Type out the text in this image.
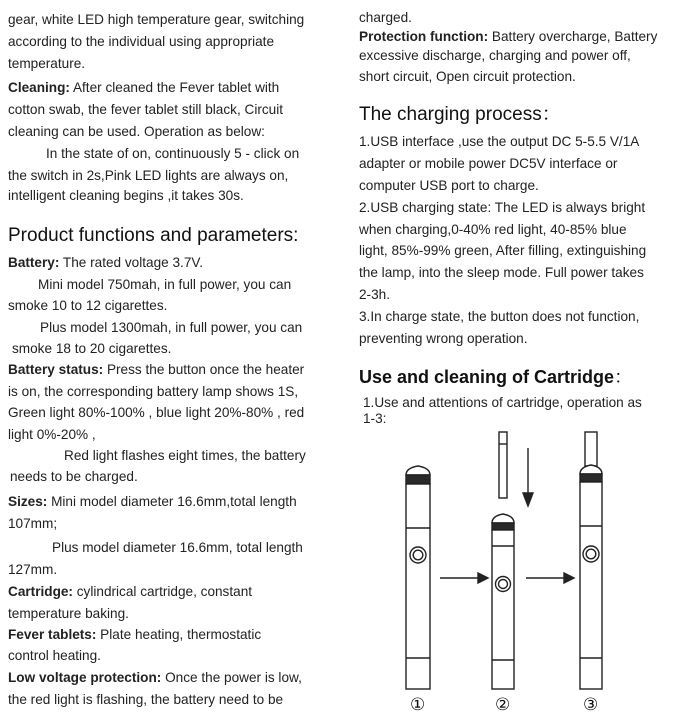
gear, white LED high temperature gear, switching
according to the individual using appropriate
temperature.
Cleaning: After cleaned the Fever tablet with
cotton swab, the fever tablet still black, Circuit
cleaning can be used. Operation as below:
In the state of on, continuously 5 - click on
the switch in 2s,Pink LED lights are always on,
intelligent cleaning begins ,it takes 30s.
Product functions and parameters:
Battery: The rated voltage 3.7V.
Mini model 750mah, in full power, you can
smoke 10 to 12 cigarettes.
Plus model 1300mah, in full power, you can
smoke 18 to 20 cigarettes.
Battery status: Press the button once the heater
is on, the corresponding battery lamp shows 1S,
Green light 80%-100% , blue light 20%-80% , red
light 0%-20% ,
Red light flashes eight times, the battery
needs to be charged.
Sizes: Mini model diameter 16.6mm,total length
107mm;
Plus model diameter 16.6mm, total length
127mm.
Cartridge: cylindrical cartridge, constant
temperature baking.
Fever tablets: Plate heating, thermostatic
control heating.
Low voltage protection: Once the power is low,
the red light is flashing, the battery need to be
charged.
Protection function: Battery overcharge, Battery
excessive discharge, charging and power off,
short circuit, Open circuit protection.
The charging process：
1.USB interface ,use the output DC 5-5.5 V/1A
adapter or mobile power DC5V interface or
computer USB port to charge.
2.USB charging state: The LED is always bright
when charging,0-40% red light, 40-85% blue
light, 85%-99% green, After filling, extinguishing
the lamp, into the sleep mode. Full power takes
2-3h.
3.In charge state, the button does not function,
preventing wrong operation.
Use and cleaning of Cartridge：
1.Use and attentions of cartridge, operation as
1-3:
①	②	③
